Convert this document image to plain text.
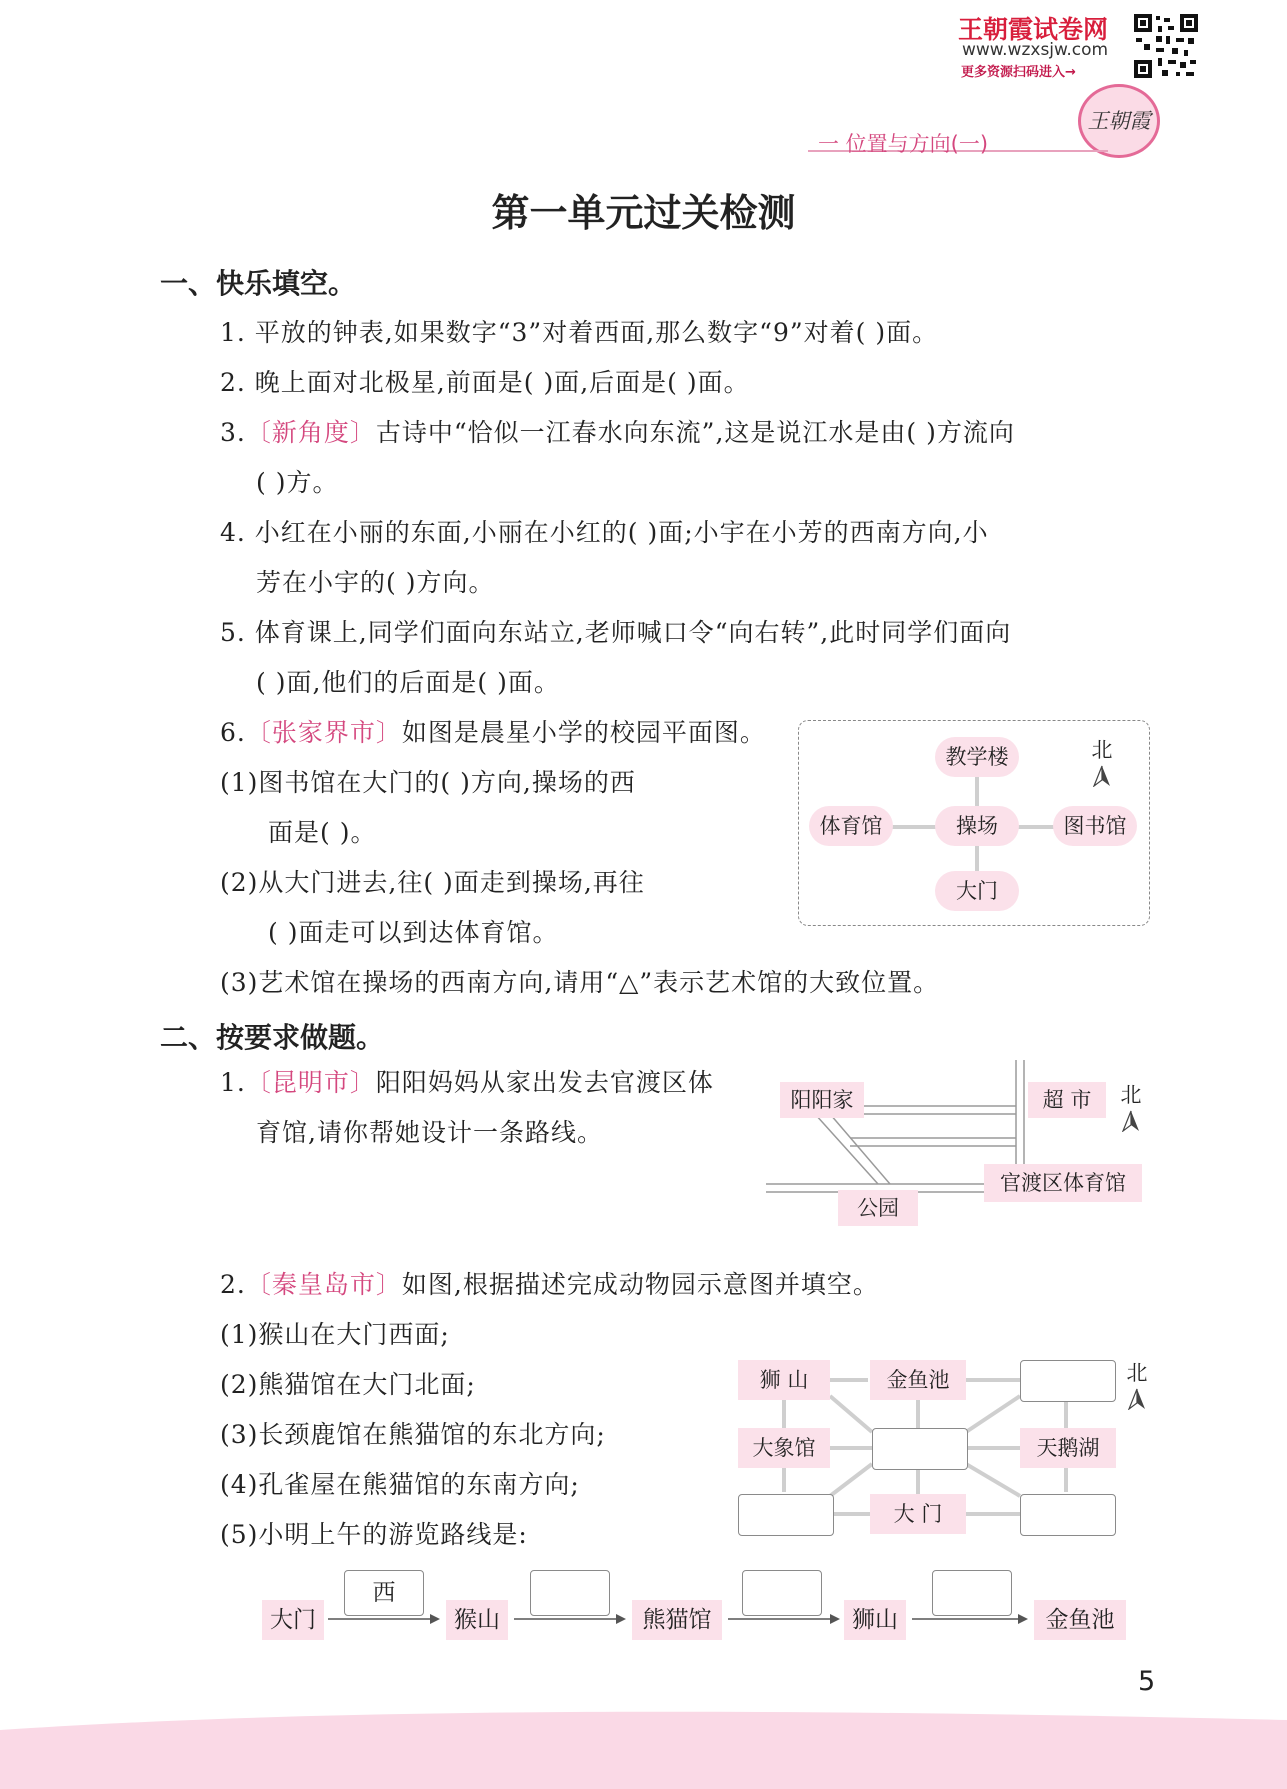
王朝霞试卷网
www.wzxsjw.com
更多资源扫码进入→
王朝霞
一 位置与方向(一)
第一单元过关检测
一、快乐填空。
1. 平放的钟表,如果数字“3”对着西面,那么数字“9”对着( )面。
2. 晚上面对北极星,前面是( )面,后面是( )面。
3.〔新角度〕古诗中“恰似一江春水向东流”,这是说江水是由( )方流向
( )方。
4. 小红在小丽的东面,小丽在小红的( )面;小宇在小芳的西南方向,小
芳在小宇的( )方向。
5. 体育课上,同学们面向东站立,老师喊口令“向右转”,此时同学们面向
( )面,他们的后面是( )面。
6.〔张家界市〕如图是晨星小学的校园平面图。
(1)图书馆在大门的( )方向,操场的西
面是( )。
(2)从大门进去,往( )面走到操场,再往
( )面走可以到达体育馆。
(3)艺术馆在操场的西南方向,请用“△”表示艺术馆的大致位置。
教学楼
体育馆	操场	图书馆
大门
北
二、按要求做题。
1.〔昆明市〕阳阳妈妈从家出发去官渡区体
育馆,请你帮她设计一条路线。
阳阳家	超 市	北
官渡区体育馆
公园
2.〔秦皇岛市〕如图,根据描述完成动物园示意图并填空。
(1)猴山在大门西面;
(2)熊猫馆在大门北面;
(3)长颈鹿馆在熊猫馆的东北方向;
(4)孔雀屋在熊猫馆的东南方向;
(5)小明上午的游览路线是:
狮 山	金鱼池	北
大象馆	天鹅湖
大 门
大门
西
猴山	熊猫馆	狮山	金鱼池
5
